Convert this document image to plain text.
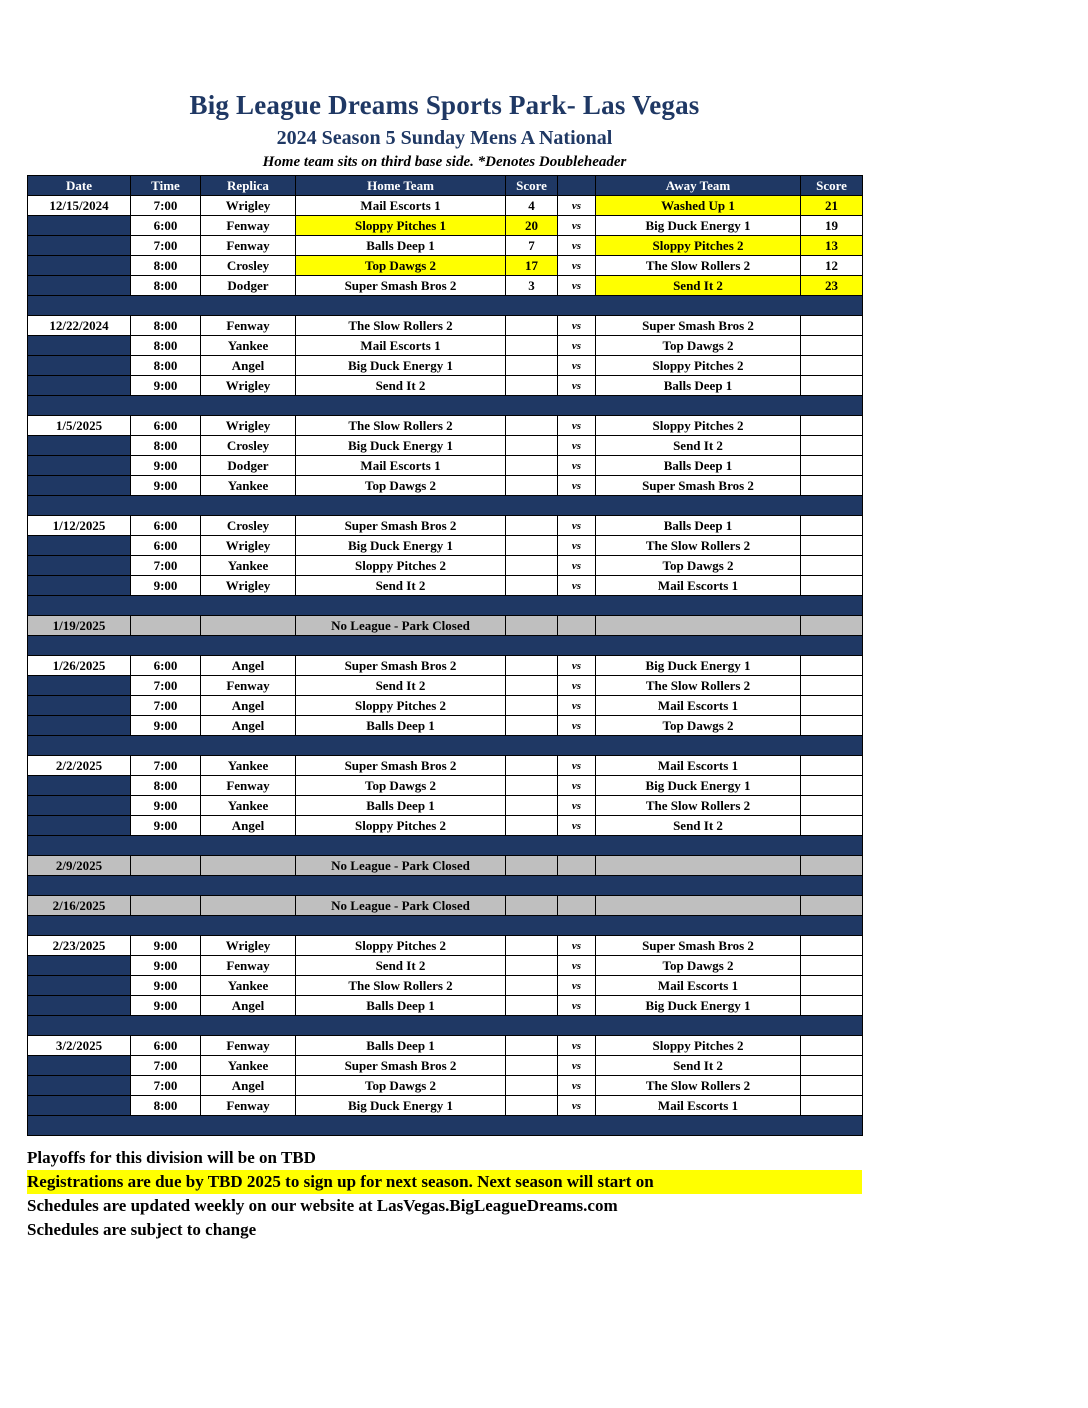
Big League Dreams Sports Park- Las Vegas
2024 Season 5 Sunday Mens A National
Home team sits on third base side. *Denotes Doubleheader
Date	Time	Replica	Home Team	Score		Away Team	Score
12/15/2024	7:00	Wrigley	Mail Escorts 1	4	vs	Washed Up 1	21
	6:00	Fenway	Sloppy Pitches 1	20	vs	Big Duck Energy 1	19
	7:00	Fenway	Balls Deep 1	7	vs	Sloppy Pitches 2	13
	8:00	Crosley	Top Dawgs 2	17	vs	The Slow Rollers 2	12
	8:00	Dodger	Super Smash Bros 2	3	vs	Send It 2	23

12/22/2024	8:00	Fenway	The Slow Rollers 2		vs	Super Smash Bros 2	
	8:00	Yankee	Mail Escorts 1		vs	Top Dawgs 2	
	8:00	Angel	Big Duck Energy 1		vs	Sloppy Pitches 2	
	9:00	Wrigley	Send It 2		vs	Balls Deep 1	

1/5/2025	6:00	Wrigley	The Slow Rollers 2		vs	Sloppy Pitches 2	
	8:00	Crosley	Big Duck Energy 1		vs	Send It 2	
	9:00	Dodger	Mail Escorts 1		vs	Balls Deep 1	
	9:00	Yankee	Top Dawgs 2		vs	Super Smash Bros 2	

1/12/2025	6:00	Crosley	Super Smash Bros 2		vs	Balls Deep 1	
	6:00	Wrigley	Big Duck Energy 1		vs	The Slow Rollers 2	
	7:00	Yankee	Sloppy Pitches 2		vs	Top Dawgs 2	
	9:00	Wrigley	Send It 2		vs	Mail Escorts 1	

1/19/2025			No League - Park Closed				

1/26/2025	6:00	Angel	Super Smash Bros 2		vs	Big Duck Energy 1	
	7:00	Fenway	Send It 2		vs	The Slow Rollers 2	
	7:00	Angel	Sloppy Pitches 2		vs	Mail Escorts 1	
	9:00	Angel	Balls Deep 1		vs	Top Dawgs 2	

2/2/2025	7:00	Yankee	Super Smash Bros 2		vs	Mail Escorts 1	
	8:00	Fenway	Top Dawgs 2		vs	Big Duck Energy 1	
	9:00	Yankee	Balls Deep 1		vs	The Slow Rollers 2	
	9:00	Angel	Sloppy Pitches 2		vs	Send It 2	

2/9/2025			No League - Park Closed				

2/16/2025			No League - Park Closed				

2/23/2025	9:00	Wrigley	Sloppy Pitches 2		vs	Super Smash Bros 2	
	9:00	Fenway	Send It 2		vs	Top Dawgs 2	
	9:00	Yankee	The Slow Rollers 2		vs	Mail Escorts 1	
	9:00	Angel	Balls Deep 1		vs	Big Duck Energy 1	

3/2/2025	6:00	Fenway	Balls Deep 1		vs	Sloppy Pitches 2	
	7:00	Yankee	Super Smash Bros 2		vs	Send It 2	
	7:00	Angel	Top Dawgs 2		vs	The Slow Rollers 2	
	8:00	Fenway	Big Duck Energy 1		vs	Mail Escorts 1	

Playoffs for this division will be on TBD

Registrations are due by TBD 2025 to sign up for next season. Next season will start on

Schedules are updated weekly on our website at LasVegas.BigLeagueDreams.com

Schedules are subject to change
